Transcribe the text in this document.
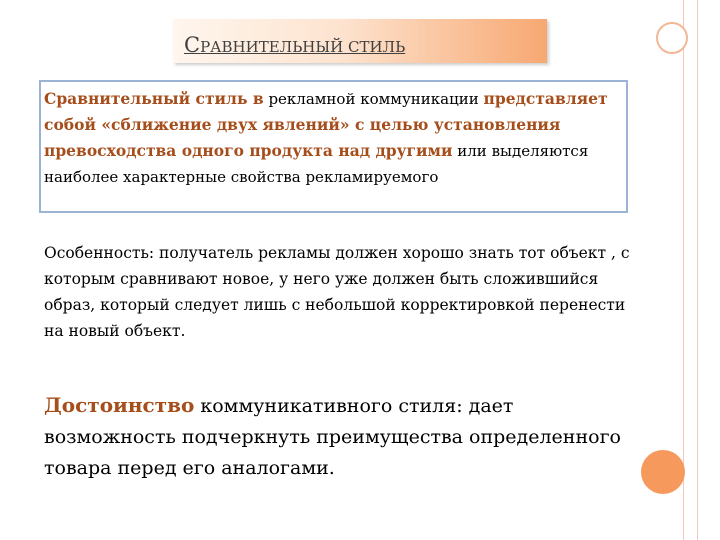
СРАВНИТЕЛЬНЫЙ СТИЛЬ

Сравнительный стиль в рекламной коммуникации представляет собой «сближение двух явлений» с целью установления превосходства одного продукта над другими или выделяются наиболее характерные свойства рекламируемого

Особенность: получатель рекламы должен хорошо знать тот объект , с которым сравнивают новое, у него уже должен быть сложившийся образ, который следует лишь с небольшой корректировкой перенести на новый объект.

Достоинство коммуникативного стиля: дает возможность подчеркнуть преимущества определенного товара перед его аналогами.
